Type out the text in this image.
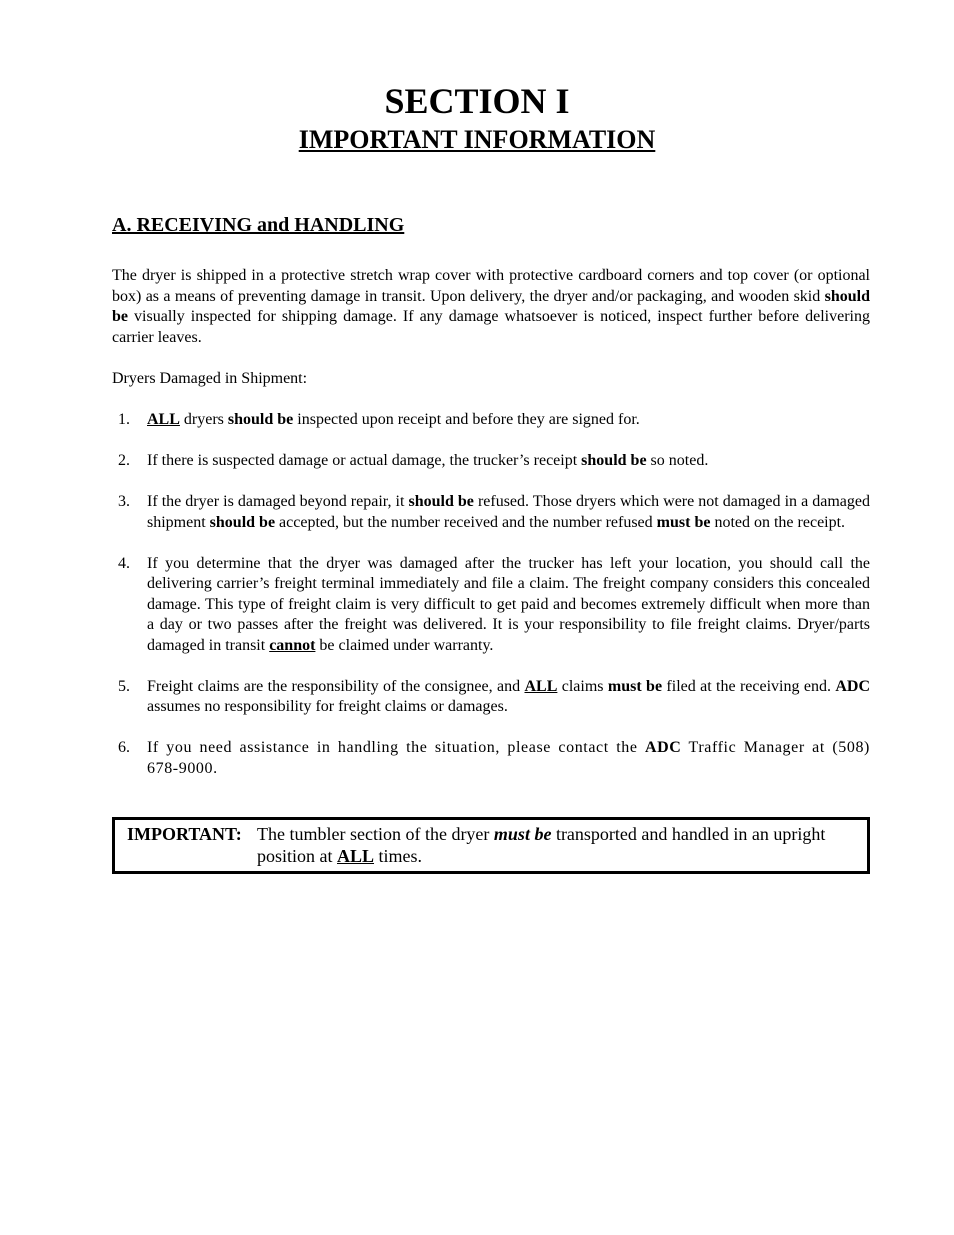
SECTION I
IMPORTANT INFORMATION
A. RECEIVING and HANDLING

The dryer is shipped in a protective stretch wrap cover with protective cardboard corners and top cover (or optional box) as a means of preventing damage in transit. Upon delivery, the dryer and/or packaging, and wooden skid should be visually inspected for shipping damage. If any damage whatsoever is noticed, inspect further before delivering carrier leaves.

Dryers Damaged in Shipment:

1.	ALL dryers should be inspected upon receipt and before they are signed for.
2.	If there is suspected damage or actual damage, the trucker’s receipt should be so noted.
3.	If the dryer is damaged beyond repair, it should be refused. Those dryers which were not damaged in a damaged shipment should be accepted, but the number received and the number refused must be noted on the receipt.
4.	If you determine that the dryer was damaged after the trucker has left your location, you should call the delivering carrier’s freight terminal immediately and file a claim. The freight company considers this concealed damage. This type of freight claim is very difficult to get paid and becomes extremely difficult when more than a day or two passes after the freight was delivered. It is your responsibility to file freight claims. Dryer/parts damaged in transit cannot be claimed under warranty.
5.	Freight claims are the responsibility of the consignee, and ALL claims must be filed at the receiving end. ADC assumes no responsibility for freight claims or damages.
6.	If you need assistance in handling the situation, please contact the ADC Traffic Manager at (508) 678-9000.
IMPORTANT: The tumbler section of the dryer must be transported and handled in an upright position at ALL times.
